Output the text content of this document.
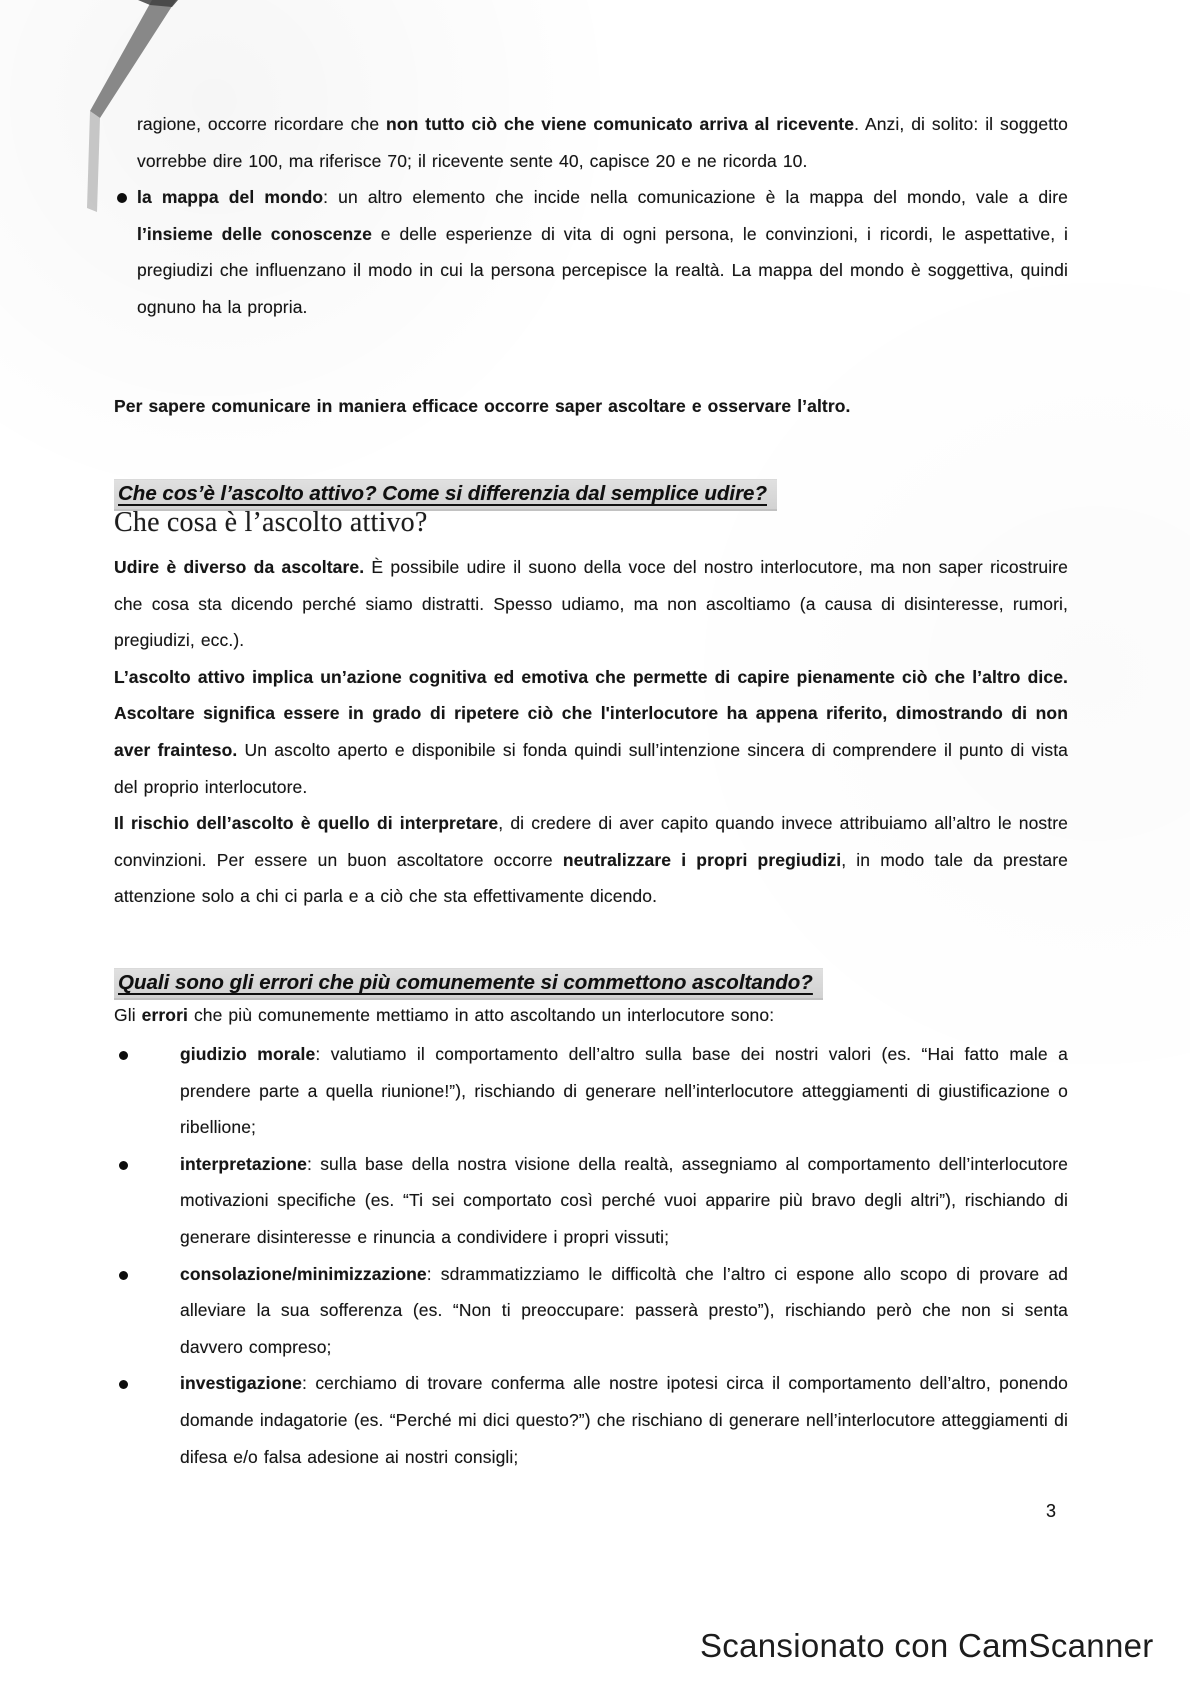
ragione, occorre ricordare che non tutto ciò che viene comunicato arriva al ricevente. Anzi, di solito: il soggetto vorrebbe dire 100, ma riferisce 70; il ricevente sente 40, capisce 20 e ne ricorda 10.

la mappa del mondo: un altro elemento che incide nella comunicazione è la mappa del mondo, vale a dire l’insieme delle conoscenze e delle esperienze di vita di ogni persona, le convinzioni, i ricordi, le aspettative, i pregiudizi che influenzano il modo in cui la persona percepisce la realtà. La mappa del mondo è soggettiva, quindi ognuno ha la propria.

Per sapere comunicare in maniera efficace occorre saper ascoltare e osservare l’altro.
Che cos’è l’ascolto attivo? Come si differenzia dal semplice udire?
Che cosa è l’ascolto attivo?

Udire è diverso da ascoltare. È possibile udire il suono della voce del nostro interlocutore, ma non saper ricostruire che cosa sta dicendo perché siamo distratti. Spesso udiamo, ma non ascoltiamo (a causa di disinteresse, rumori, pregiudizi, ecc.).

L’ascolto attivo implica un’azione cognitiva ed emotiva che permette di capire pienamente ciò che l’altro dice. Ascoltare significa essere in grado di ripetere ciò che l'interlocutore ha appena riferito, dimostrando di non aver frainteso. Un ascolto aperto e disponibile si fonda quindi sull’intenzione sincera di comprendere il punto di vista del proprio interlocutore.

Il rischio dell’ascolto è quello di interpretare, di credere di aver capito quando invece attribuiamo all’altro le nostre convinzioni. Per essere un buon ascoltatore occorre neutralizzare i propri pregiudizi, in modo tale da prestare attenzione solo a chi ci parla e a ciò che sta effettivamente dicendo.

Quali sono gli errori che più comunemente si commettono ascoltando?
Gli errori che più comunemente mettiamo in atto ascoltando un interlocutore sono:

giudizio morale: valutiamo il comportamento dell’altro sulla base dei nostri valori (es. “Hai fatto male a prendere parte a quella riunione!”), rischiando di generare nell’interlocutore atteggiamenti di giustificazione o ribellione;

interpretazione: sulla base della nostra visione della realtà, assegniamo al comportamento dell’interlocutore motivazioni specifiche (es. “Ti sei comportato così perché vuoi apparire più bravo degli altri”), rischiando di generare disinteresse e rinuncia a condividere i propri vissuti;

consolazione/minimizzazione: sdrammatizziamo le difficoltà che l’altro ci espone allo scopo di provare ad alleviare la sua sofferenza (es. “Non ti preoccupare: passerà presto”), rischiando però che non si senta davvero compreso;

investigazione: cerchiamo di trovare conferma alle nostre ipotesi circa il comportamento dell’altro, ponendo domande indagatorie (es. “Perché mi dici questo?”) che rischiano di generare nell’interlocutore atteggiamenti di difesa e/o falsa adesione ai nostri consigli;

3
Scansionato con CamScanner
